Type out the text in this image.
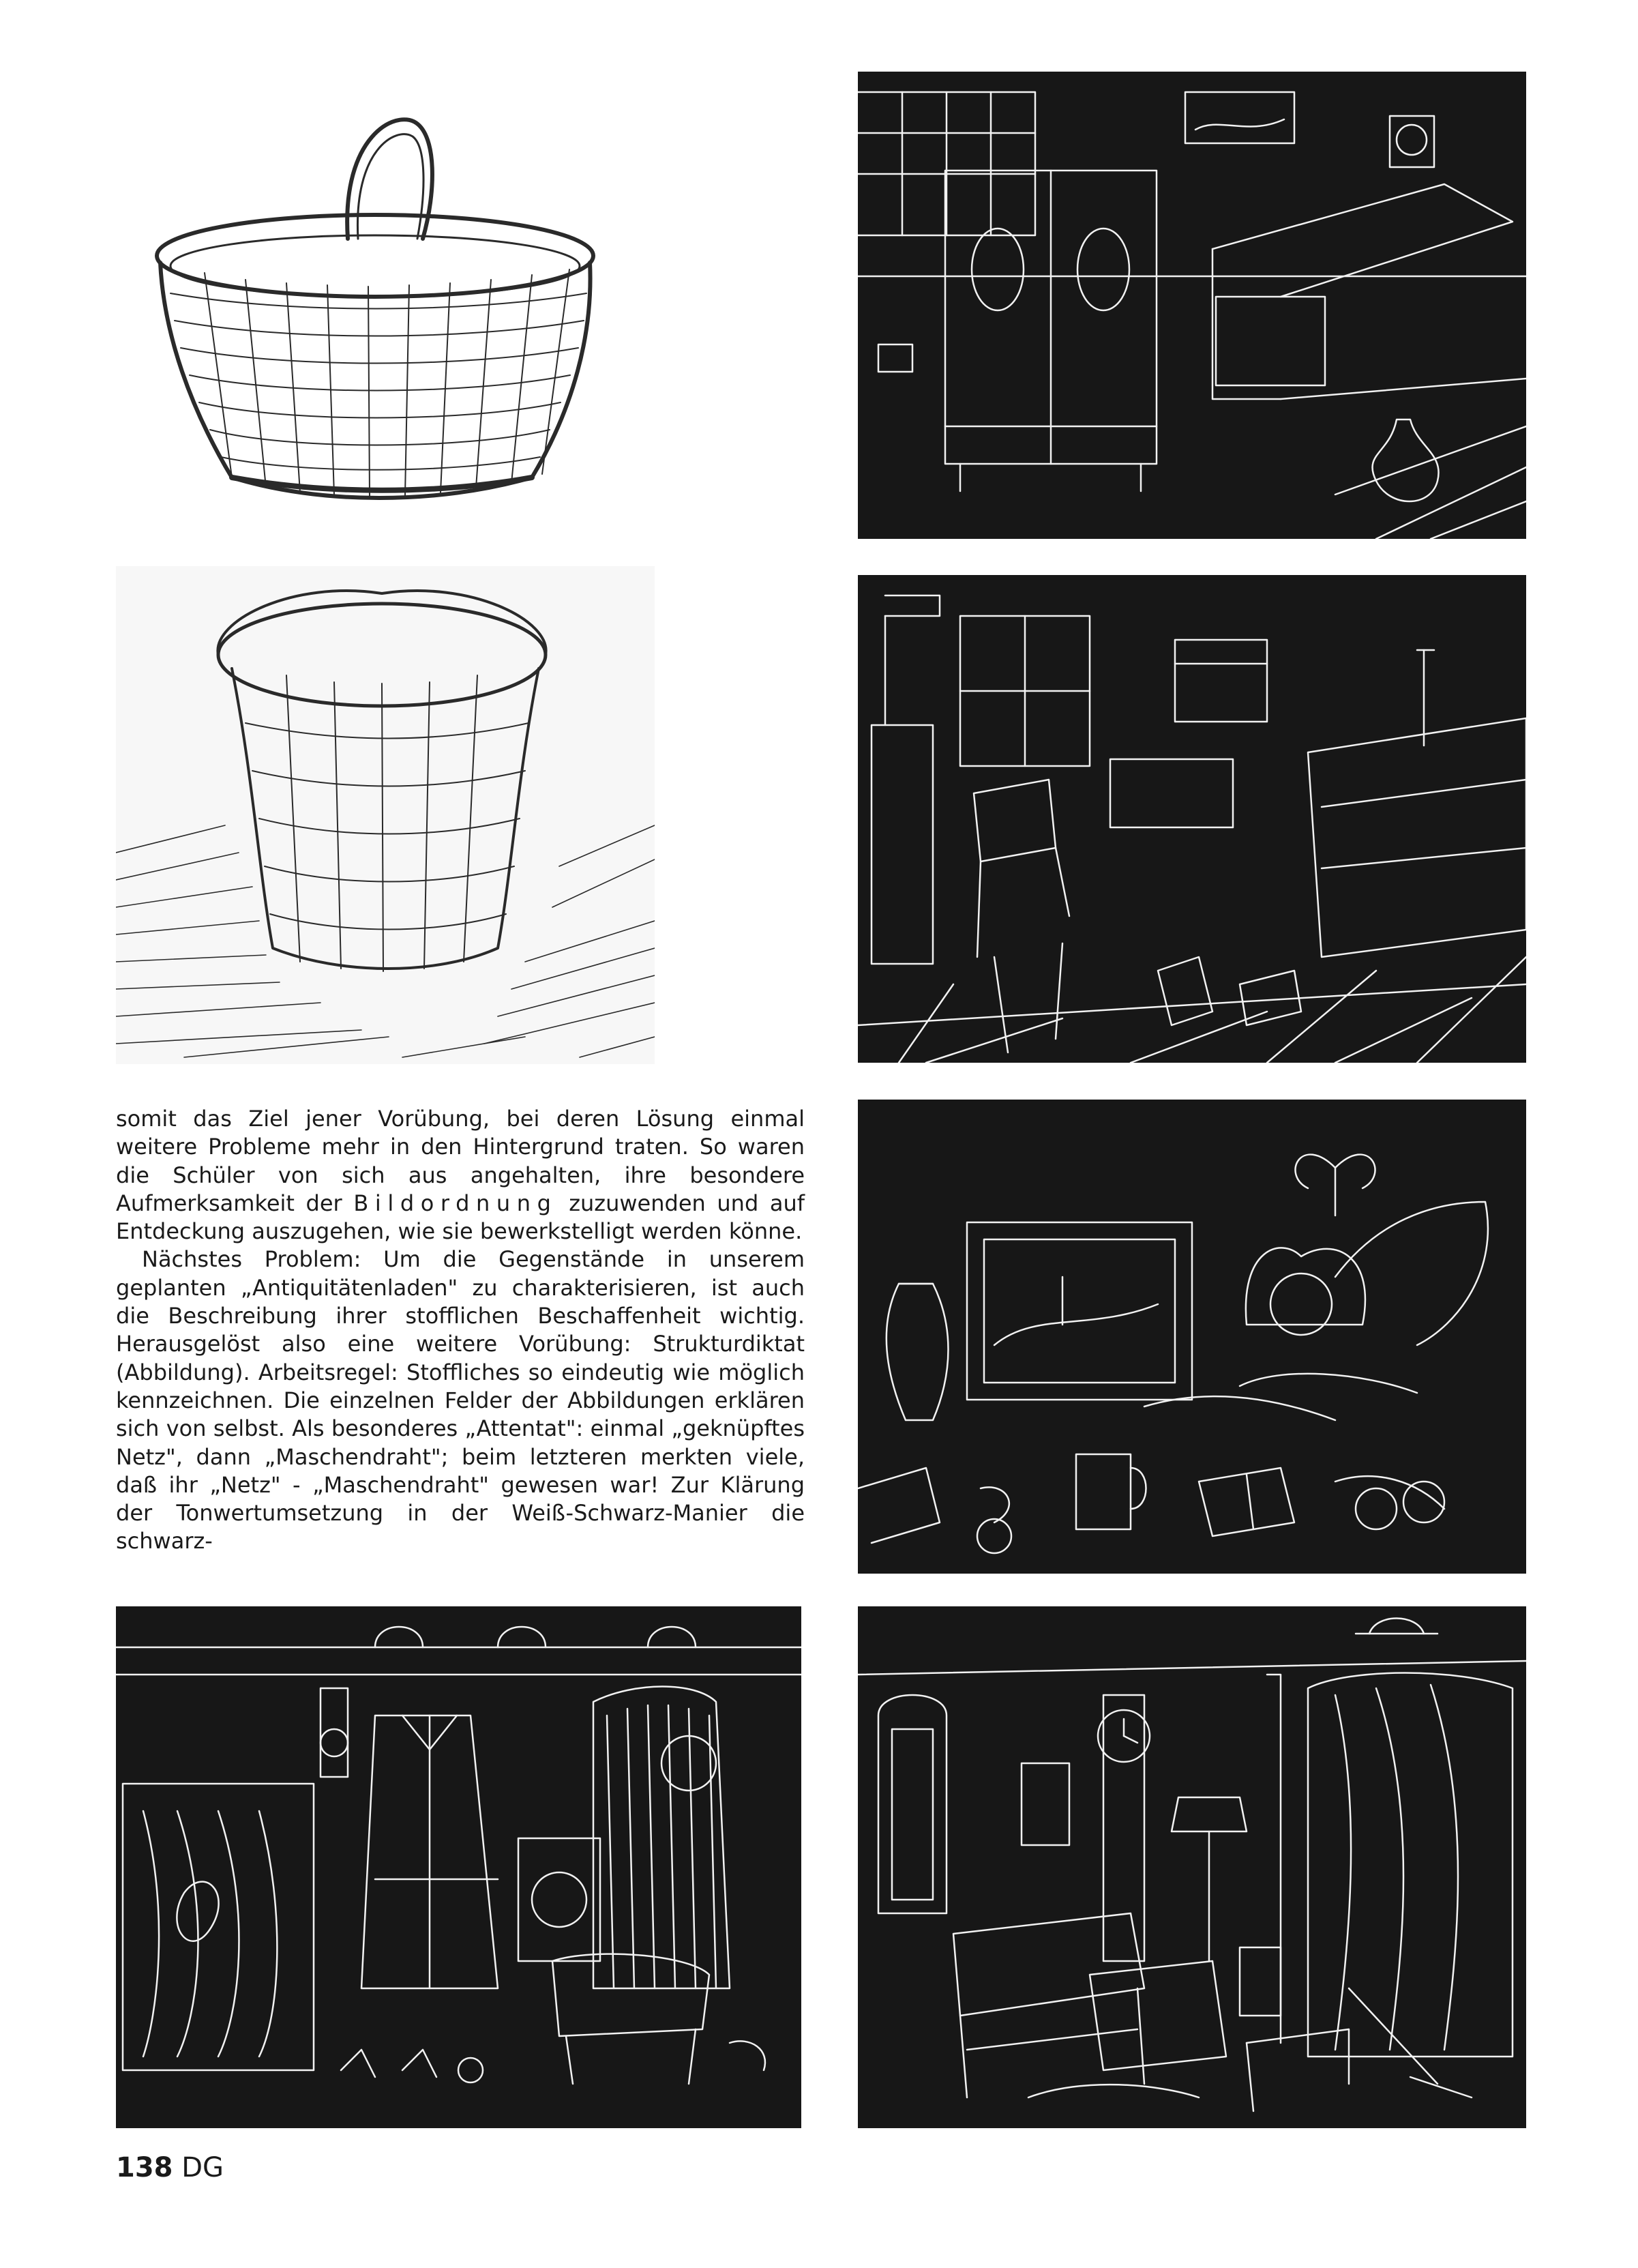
somit das Ziel jener Vorübung, bei deren Lösung einmal weitere Probleme mehr in den Hintergrund traten. So waren die Schüler von sich aus angehalten, ihre besondere Aufmerksamkeit der Bildordnung zuzuwenden und auf Entdeckung auszugehen, wie sie bewerkstelligt werden könne.

Nächstes Problem: Um die Gegenstände in unserem geplanten „Antiquitätenladen" zu charakterisieren, ist auch die Beschreibung ihrer stofflichen Beschaffenheit wichtig. Herausgelöst also eine weitere Vorübung: Strukturdiktat (Abbildung). Arbeitsregel: Stoffliches so eindeutig wie möglich kennzeichnen. Die einzelnen Felder der Abbildungen erklären sich von selbst. Als besonderes „Attentat": einmal „geknüpftes Netz", dann „Maschendraht"; beim letzteren merkten viele, daß ihr „Netz" - „Maschendraht" gewesen war! Zur Klärung der Tonwertumsetzung in der Weiß-Schwarz-Manier die schwarz-

138 DG
